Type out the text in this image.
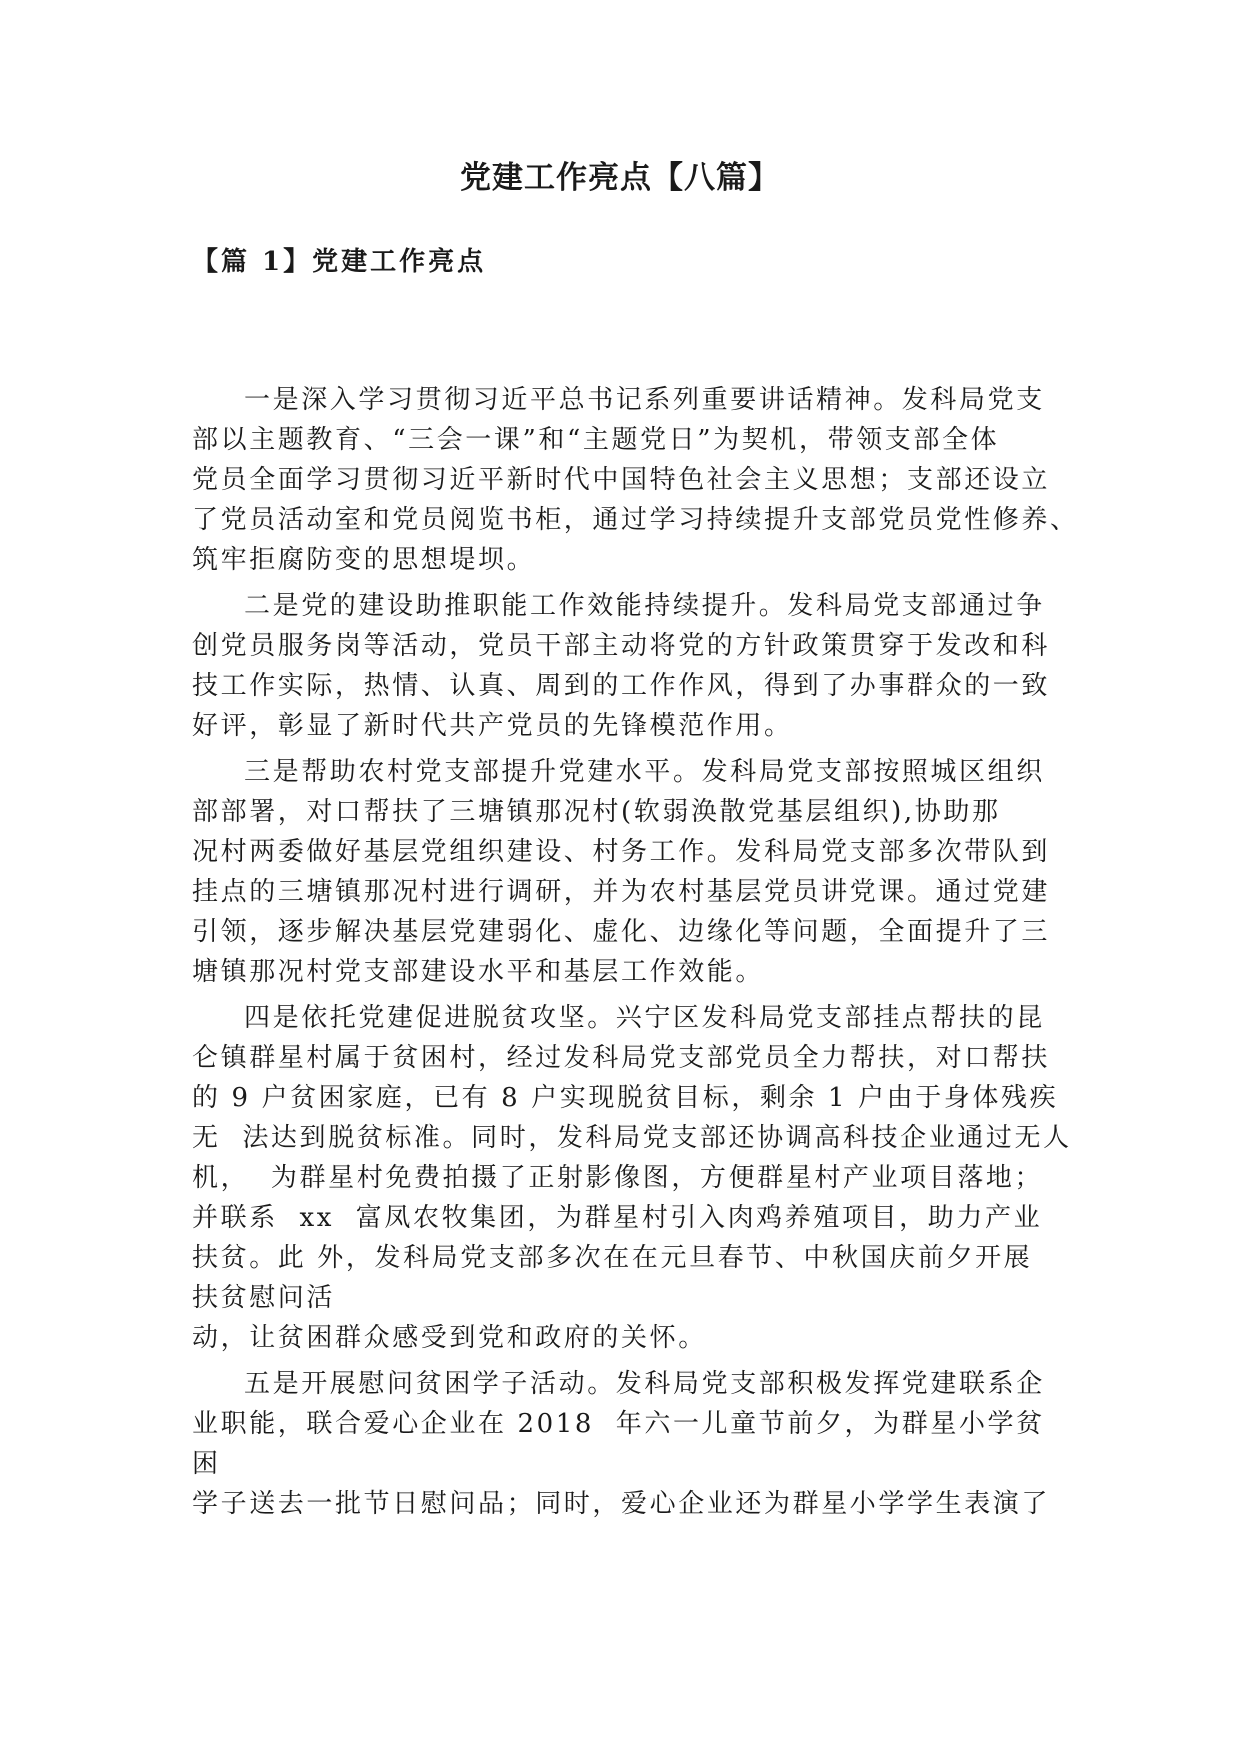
党建工作亮点【八篇】
【篇 1】党建工作亮点
一是深入学习贯彻习近平总书记系列重要讲话精神。发科局党支
部以主题教育、“三会一课”和“主题党日”为契机，带领支部全体
党员全面学习贯彻习近平新时代中国特色社会主义思想；支部还设立
了党员活动室和党员阅览书柜，通过学习持续提升支部党员党性修养、
筑牢拒腐防变的思想堤坝。
二是党的建设助推职能工作效能持续提升。发科局党支部通过争
创党员服务岗等活动，党员干部主动将党的方针政策贯穿于发改和科
技工作实际，热情、认真、周到的工作作风，得到了办事群众的一致
好评，彰显了新时代共产党员的先锋模范作用。
三是帮助农村党支部提升党建水平。发科局党支部按照城区组织
部部署，对口帮扶了三塘镇那况村(软弱涣散党基层组织),协助那
况村两委做好基层党组织建设、村务工作。发科局党支部多次带队到
挂点的三塘镇那况村进行调研，并为农村基层党员讲党课。通过党建
引领，逐步解决基层党建弱化、虚化、边缘化等问题，全面提升了三
塘镇那况村党支部建设水平和基层工作效能。
四是依托党建促进脱贫攻坚。兴宁区发科局党支部挂点帮扶的昆
仑镇群星村属于贫困村，经过发科局党支部党员全力帮扶，对口帮扶
的 9 户贫困家庭，已有 8 户实现脱贫目标，剩余 1 户由于身体残疾
无  法达到脱贫标准。同时，发科局党支部还协调高科技企业通过无人
机，  为群星村免费拍摄了正射影像图，方便群星村产业项目落地；
并联系  xx  富凤农牧集团，为群星村引入肉鸡养殖项目，助力产业
扶贫。此 外，发科局党支部多次在在元旦春节、中秋国庆前夕开展
扶贫慰问活
动，让贫困群众感受到党和政府的关怀。
五是开展慰问贫困学子活动。发科局党支部积极发挥党建联系企
业职能，联合爱心企业在 2018  年六一儿童节前夕，为群星小学贫
困
学子送去一批节日慰问品；同时，爱心企业还为群星小学学生表演了
